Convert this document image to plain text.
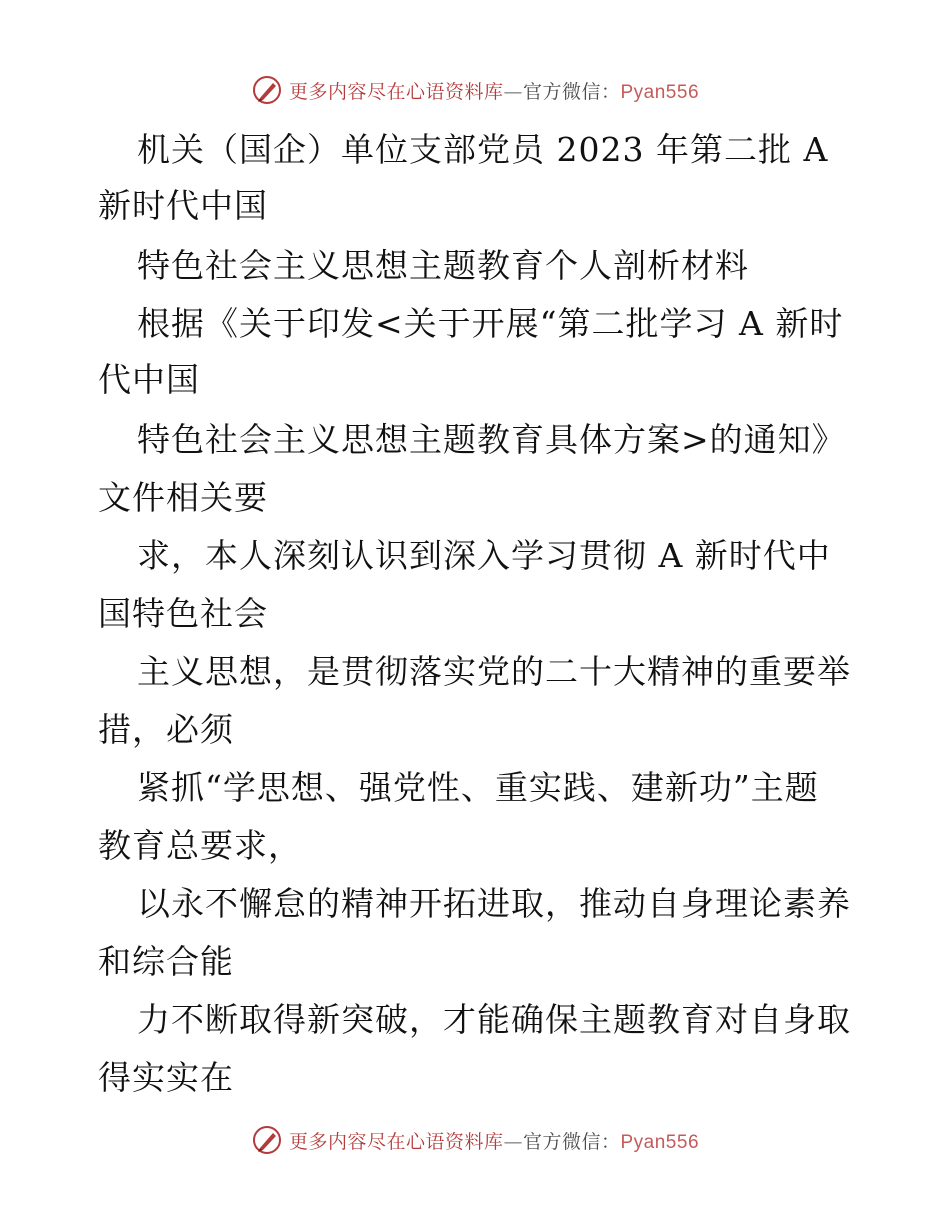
更多内容尽在心语资料库—官方微信：Pyan556
机关（国企）单位支部党员 2023 年第二批 A
新时代中国
特色社会主义思想主题教育个人剖析材料
根据《关于印发<关于开展“第二批学习 A 新时
代中国
特色社会主义思想主题教育具体方案>的通知》
文件相关要
求，本人深刻认识到深入学习贯彻 A 新时代中
国特色社会
主义思想，是贯彻落实党的二十大精神的重要举
措，必须
紧抓“学思想、强党性、重实践、建新功”主题
教育总要求，
以永不懈怠的精神开拓进取，推动自身理论素养
和综合能
力不断取得新突破，才能确保主题教育对自身取
得实实在
更多内容尽在心语资料库—官方微信：Pyan556
